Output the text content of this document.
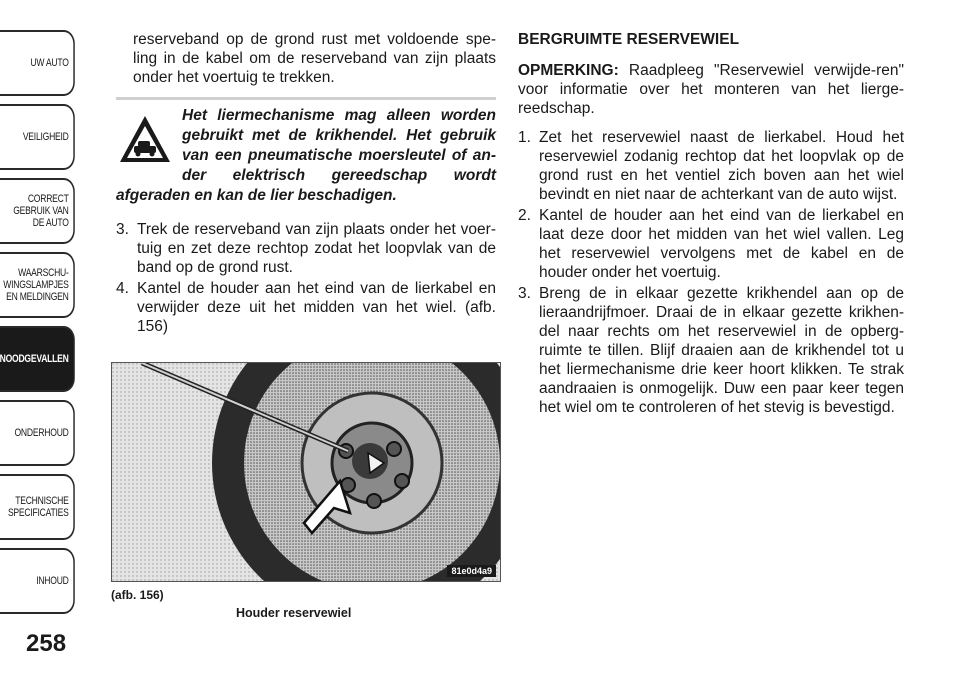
UW AUTO
VEILIGHEID
CORRECT GEBRUIK VAN DE AUTO
WAARSCHU-WINGSLAMPJES EN MELDINGEN
NOODGEVALLEN
ONDERHOUD
TECHNISCHE SPECIFICATIES
INHOUD
258

reserveband op de grond rust met voldoende spe-ling in de kabel om de reserveband van zijn plaats onder het voertuig te trekken.

Het liermechanisme mag alleen worden gebruikt met de krikhendel. Het gebruik van een pneumatische moersleutel of an-der elektrisch gereedschap wordt afgeraden en kan de lier beschadigen.
3. Trek de reserveband van zijn plaats onder het voer-tuig en zet deze rechtop zodat het loopvlak van de band op de grond rust.
4. Kantel de houder aan het eind van de lierkabel en verwijder deze uit het midden van het wiel. (afb. 156)
81e0d4a9
(afb. 156)
Houder reservewiel
BERGRUIMTE RESERVEWIEL

OPMERKING: Raadpleeg "Reservewiel verwijde-ren" voor informatie over het monteren van het lierge-reedschap.

1. Zet het reservewiel naast de lierkabel. Houd het reservewiel zodanig rechtop dat het loopvlak op de grond rust en het ventiel zich boven aan het wiel bevindt en niet naar de achterkant van de auto wijst.
2. Kantel de houder aan het eind van de lierkabel en laat deze door het midden van het wiel vallen. Leg het reservewiel vervolgens met de kabel en de houder onder het voertuig.
3. Breng de in elkaar gezette krikhendel aan op de lieraandrijfmoer. Draai de in elkaar gezette krikhen-del naar rechts om het reservewiel in de opberg-ruimte te tillen. Blijf draaien aan de krikhendel tot u het liermechanisme drie keer hoort klikken. Te strak aandraaien is onmogelijk. Duw een paar keer tegen het wiel om te controleren of het stevig is bevestigd.
